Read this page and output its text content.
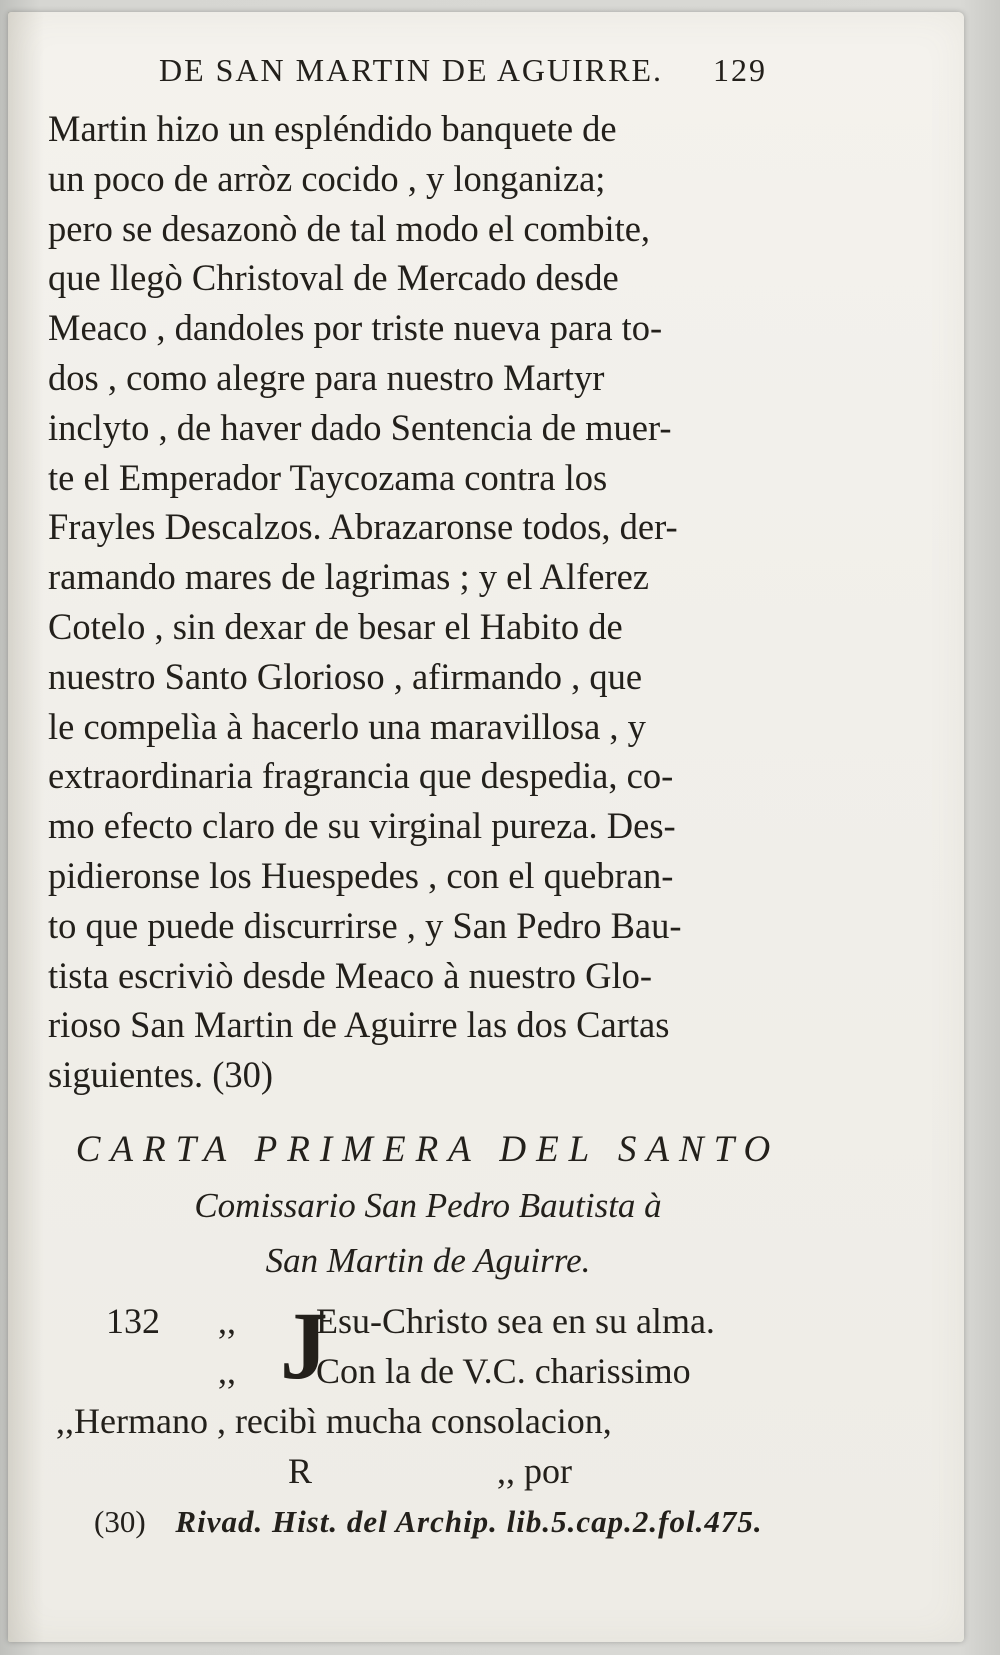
DE SAN MARTIN DE AGUIRRE. 129
Martin hizo un espléndido banquete de
un poco de arròz cocido , y longaniza;
pero se desazonò de tal modo el combite,
que llegò Christoval de Mercado desde
Meaco , dandoles por triste nueva para to-
dos , como alegre para nuestro Martyr
inclyto , de haver dado Sentencia de muer-
te el Emperador Taycozama contra los
Frayles Descalzos. Abrazaronse todos, der-
ramando mares de lagrimas ; y el Alferez
Cotelo , sin dexar de besar el Habito de
nuestro Santo Glorioso , afirmando , que
le compelìa à hacerlo una maravillosa , y
extraordinaria fragrancia que despedia, co-
mo efecto claro de su virginal pureza. Des-
pidieronse los Huespedes , con el quebran-
to que puede discurrirse , y San Pedro Bau-
tista escriviò desde Meaco à nuestro Glo-
rioso San Martin de Aguirre las dos Cartas
siguientes. (30)
CARTA PRIMERA DEL SANTO
Comissario San Pedro Bautista à
San Martin de Aguirre.
132 J
,, Esu-Christo sea en su alma.
,, Con la de V.C. charissimo
,,Hermano , recibì mucha consolacion,
R	,, por
(30) Rivad. Hist. del Archip. lib.5.cap.2.fol.475.
